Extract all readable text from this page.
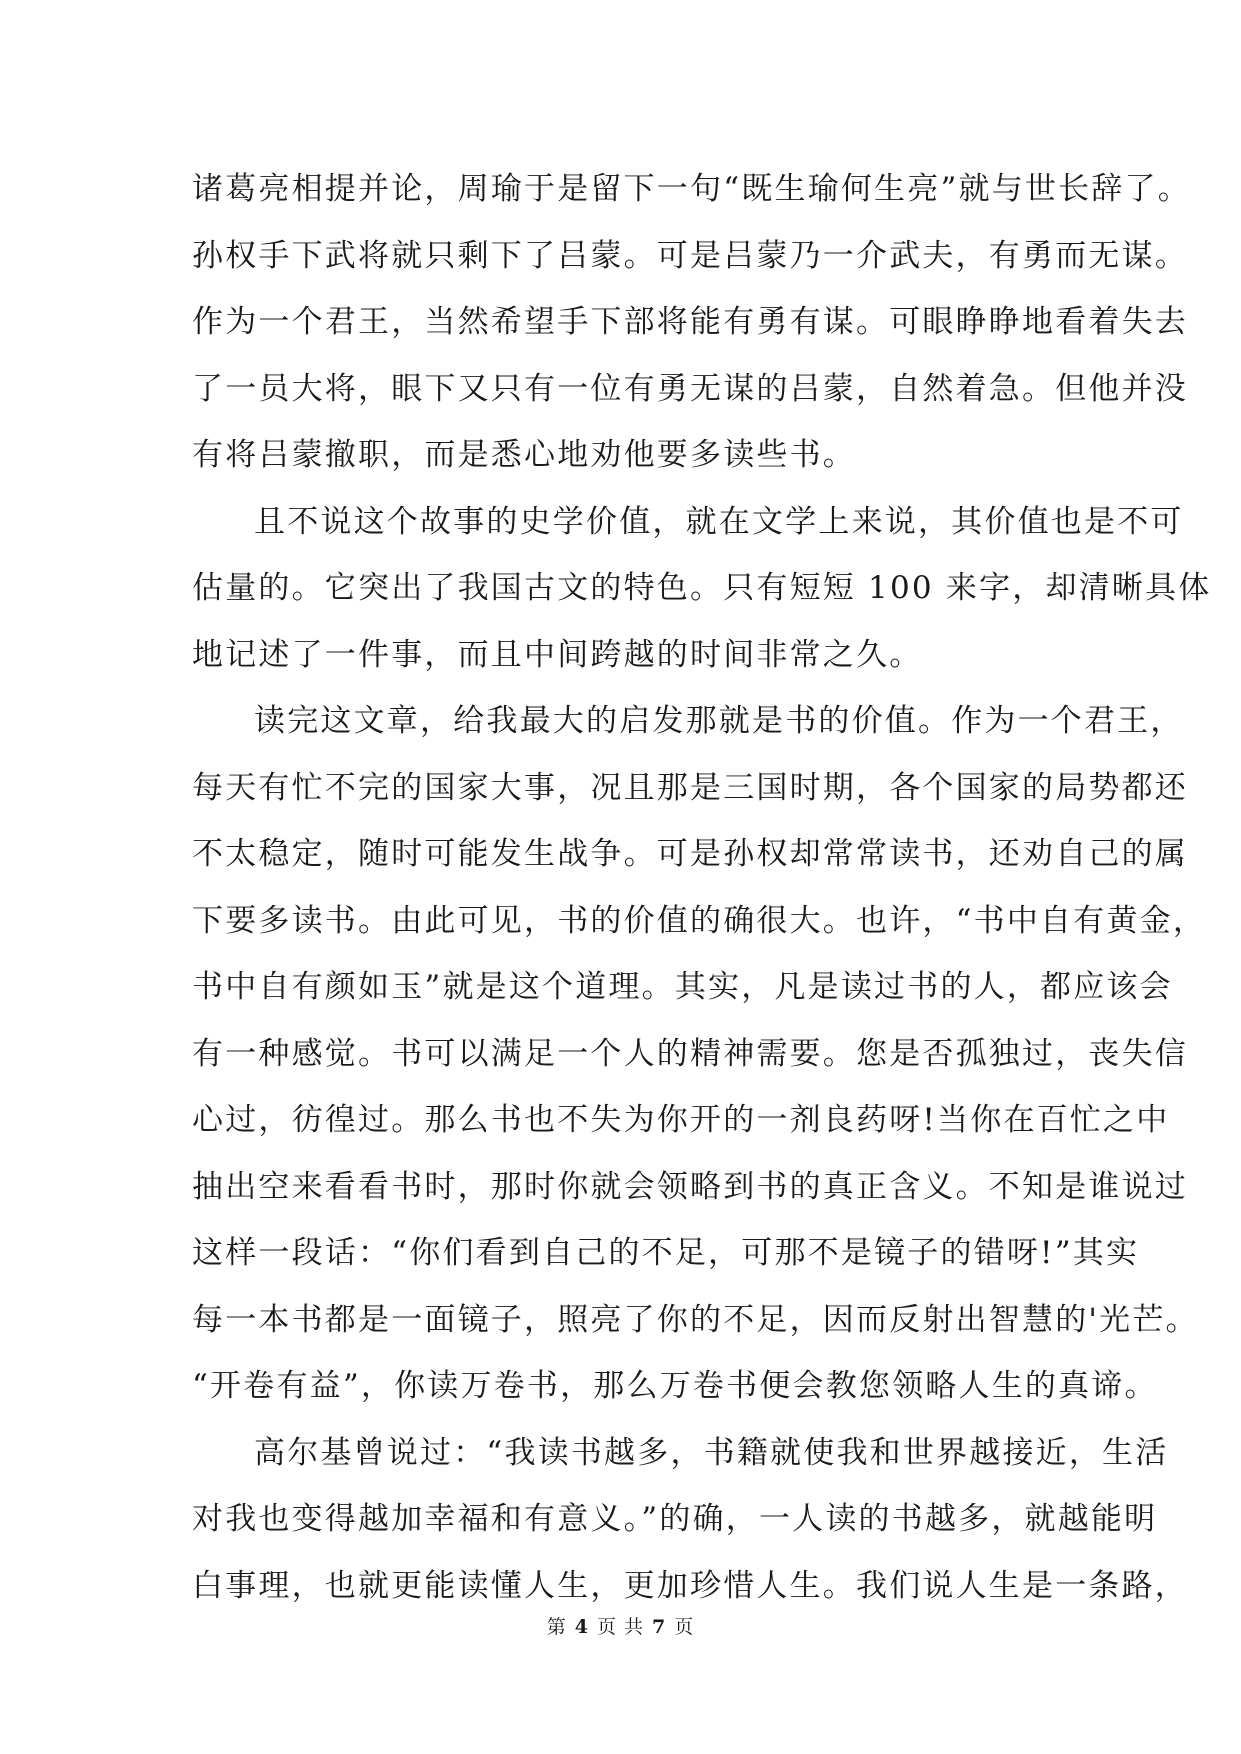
诸葛亮相提并论，周瑜于是留下一句“既生瑜何生亮”就与世长辞了。
孙权手下武将就只剩下了吕蒙。可是吕蒙乃一介武夫，有勇而无谋。
作为一个君王，当然希望手下部将能有勇有谋。可眼睁睁地看着失去
了一员大将，眼下又只有一位有勇无谋的吕蒙，自然着急。但他并没
有将吕蒙撤职，而是悉心地劝他要多读些书。
且不说这个故事的史学价值，就在文学上来说，其价值也是不可
估量的。它突出了我国古文的特色。只有短短 100 来字，却清晰具体
地记述了一件事，而且中间跨越的时间非常之久。
读完这文章，给我最大的启发那就是书的价值。作为一个君王，
每天有忙不完的国家大事，况且那是三国时期，各个国家的局势都还
不太稳定，随时可能发生战争。可是孙权却常常读书，还劝自己的属
下要多读书。由此可见，书的价值的确很大。也许，“书中自有黄金，
书中自有颜如玉”就是这个道理。其实，凡是读过书的人，都应该会
有一种感觉。书可以满足一个人的精神需要。您是否孤独过，丧失信
心过，彷徨过。那么书也不失为你开的一剂良药呀!当你在百忙之中
抽出空来看看书时，那时你就会领略到书的真正含义。不知是谁说过
这样一段话：“你们看到自己的不足，可那不是镜子的错呀!”其实
每一本书都是一面镜子，照亮了你的不足，因而反射出智慧的'光芒。
“开卷有益”，你读万卷书，那么万卷书便会教您领略人生的真谛。
高尔基曾说过：“我读书越多，书籍就使我和世界越接近，生活
对我也变得越加幸福和有意义。”的确，一人读的书越多，就越能明
白事理，也就更能读懂人生，更加珍惜人生。我们说人生是一条路，
第 4 页 共 7 页
